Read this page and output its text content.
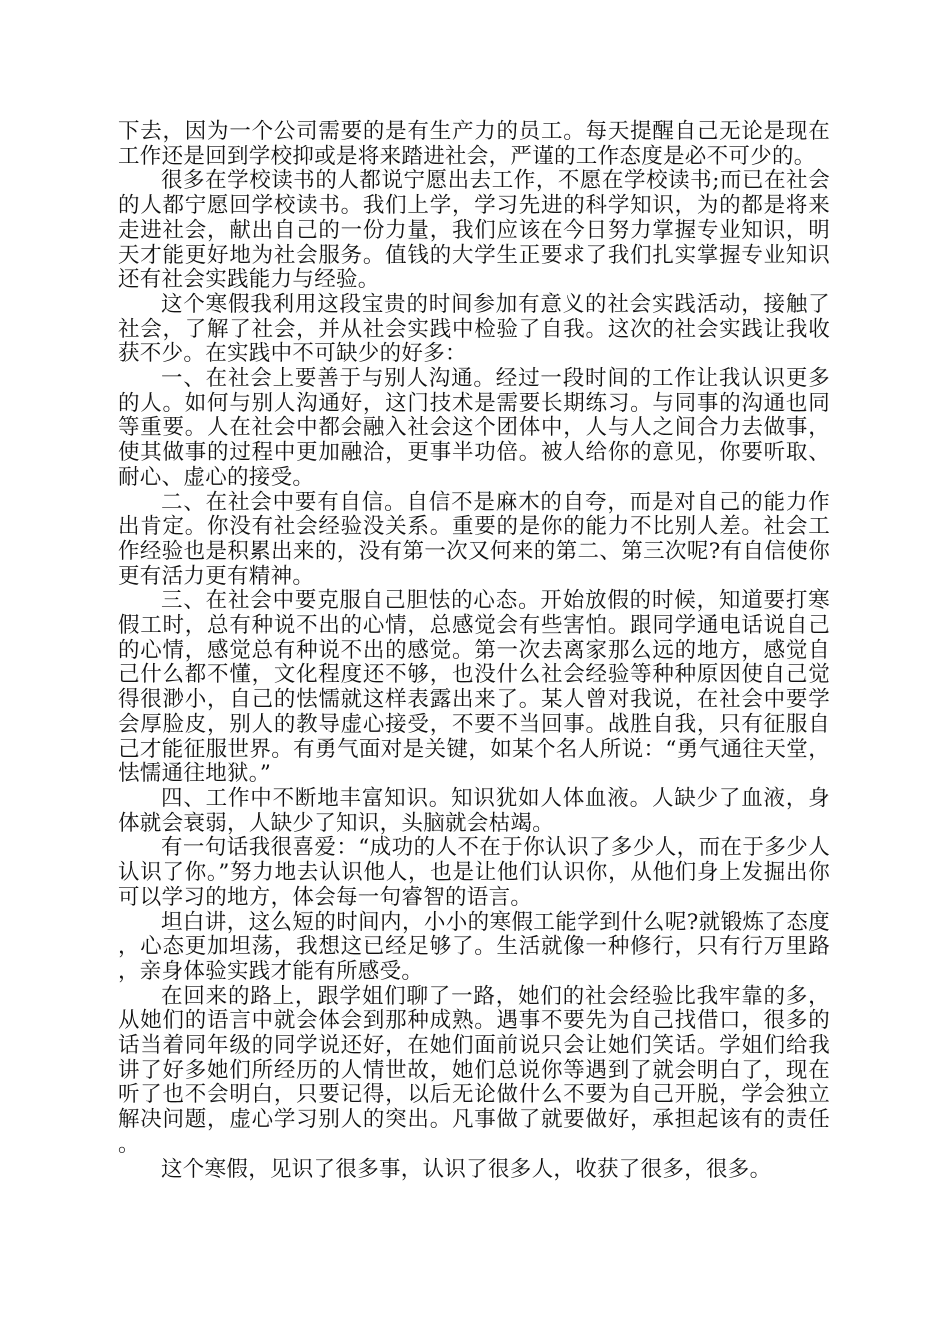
下去，因为一个公司需要的是有生产力的员工。每天提醒自己无论是现在工作还是回到学校抑或是将来踏进社会，严谨的工作态度是必不可少的。

很多在学校读书的人都说宁愿出去工作，不愿在学校读书;而已在社会的人都宁愿回学校读书。我们上学，学习先进的科学知识，为的都是将来走进社会，献出自己的一份力量，我们应该在今日努力掌握专业知识，明天才能更好地为社会服务。值钱的大学生正要求了我们扎实掌握专业知识还有社会实践能力与经验。

这个寒假我利用这段宝贵的时间参加有意义的社会实践活动，接触了社会，了解了社会，并从社会实践中检验了自我。这次的社会实践让我收获不少。在实践中不可缺少的好多：

一、在社会上要善于与别人沟通。经过一段时间的工作让我认识更多的人。如何与别人沟通好，这门技术是需要长期练习。与同事的沟通也同等重要。人在社会中都会融入社会这个团体中，人与人之间合力去做事，使其做事的过程中更加融洽，更事半功倍。被人给你的意见，你要听取、耐心、虚心的接受。

二、在社会中要有自信。自信不是麻木的自夸，而是对自己的能力作出肯定。你没有社会经验没关系。重要的是你的能力不比别人差。社会工作经验也是积累出来的，没有第一次又何来的第二、第三次呢?有自信使你更有活力更有精神。

三、在社会中要克服自己胆怯的心态。开始放假的时候，知道要打寒假工时，总有种说不出的心情，总感觉会有些害怕。跟同学通电话说自己的心情，感觉总有种说不出的感觉。第一次去离家那么远的地方，感觉自己什么都不懂，文化程度还不够，也没什么社会经验等种种原因使自己觉得很渺小，自己的怯懦就这样表露出来了。某人曾对我说，在社会中要学会厚脸皮，别人的教导虚心接受，不要不当回事。战胜自我，只有征服自己才能征服世界。有勇气面对是关键，如某个名人所说：“勇气通往天堂，怯懦通往地狱。”

四、工作中不断地丰富知识。知识犹如人体血液。人缺少了血液，身体就会衰弱，人缺少了知识，头脑就会枯竭。

有一句话我很喜爱：“成功的人不在于你认识了多少人，而在于多少人认识了你。”努力地去认识他人，也是让他们认识你，从他们身上发掘出你可以学习的地方，体会每一句睿智的语言。

坦白讲，这么短的时间内，小小的寒假工能学到什么呢?就锻炼了态度，心态更加坦荡，我想这已经足够了。生活就像一种修行，只有行万里路，亲身体验实践才能有所感受。

在回来的路上，跟学姐们聊了一路，她们的社会经验比我牢靠的多，从她们的语言中就会体会到那种成熟。遇事不要先为自己找借口，很多的话当着同年级的同学说还好，在她们面前说只会让她们笑话。学姐们给我讲了好多她们所经历的人情世故，她们总说你等遇到了就会明白了，现在听了也不会明白，只要记得，以后无论做什么不要为自己开脱，学会独立解决问题，虚心学习别人的突出。凡事做了就要做好，承担起该有的责任。

这个寒假，见识了很多事，认识了很多人，收获了很多，很多。
